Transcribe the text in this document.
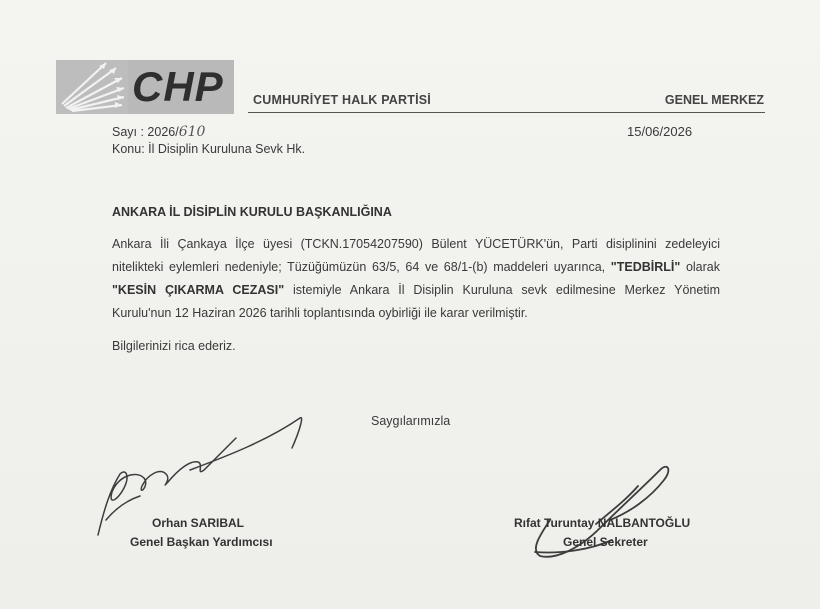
CHP CUMHURİYET HALK PARTİSİ	GENEL MERKEZ
Sayı : 2026/610
Konu: İl Disiplin Kuruluna Sevk Hk.
15/06/2026
ANKARA İL DİSİPLİN KURULU BAŞKANLIĞINA
Ankara İli Çankaya İlçe üyesi (TCKN.17054207590) Bülent YÜCETÜRK'ün, Parti disiplinini zedeleyici nitelikteki eylemleri nedeniyle; Tüzüğümüzün 63/5, 64 ve 68/1-(b) maddeleri uyarınca, "TEDBİRLİ" olarak "KESİN ÇIKARMA CEZASI" istemiyle Ankara İl Disiplin Kuruluna sevk edilmesine Merkez Yönetim Kurulu'nun 12 Haziran 2026 tarihli toplantısında oybirliği ile karar verilmiştir.
Bilgilerinizi rica ederiz.
Saygılarımızla
Orhan SARIBAL
Genel Başkan Yardımcısı
Rıfat Turuntay NALBANTOĞLU
Genel Sekreter
